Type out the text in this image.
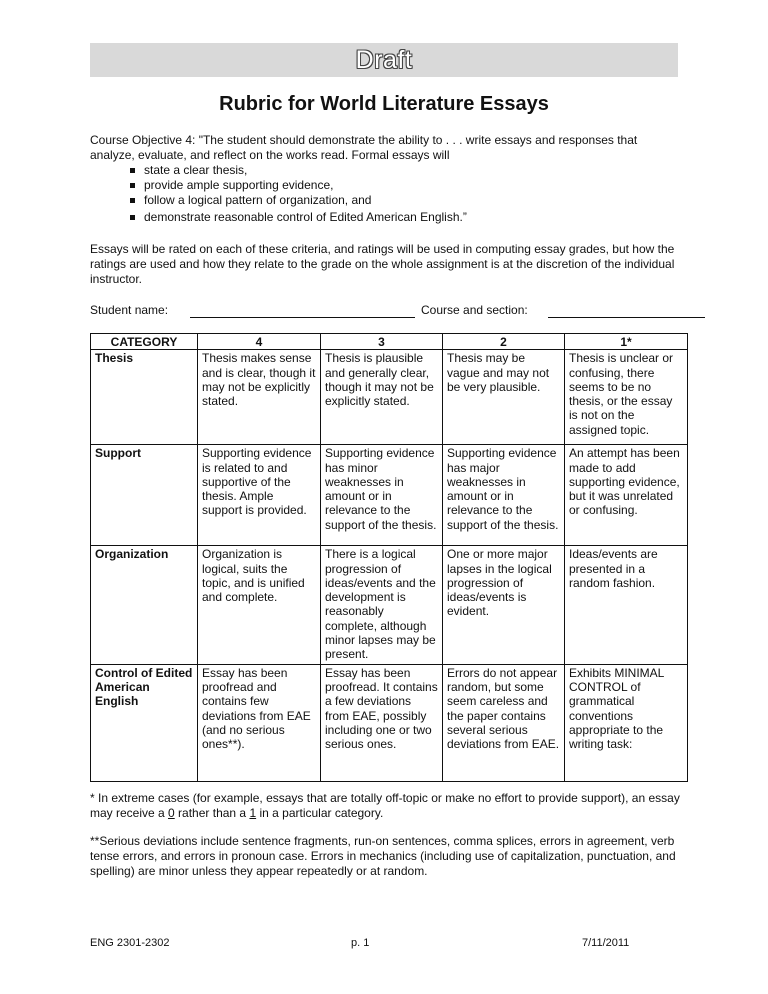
Draft
Rubric for World Literature Essays

Course Objective 4: "The student should demonstrate the ability to . . . write essays and responses that analyze, evaluate, and reflect on the works read. Formal essays will

state a clear thesis,
provide ample supporting evidence,
follow a logical pattern of organization, and
demonstrate reasonable control of Edited American English.”

Essays will be rated on each of these criteria, and ratings will be used in computing essay grades, but how the ratings are used and how they relate to the grade on the whole assignment is at the discretion of the individual instructor.

Student name:	Course and section:
CATEGORY	4	3	2	1*
Thesis	Thesis makes sense and is clear, though it may not be explicitly stated.	Thesis is plausible and generally clear, though it may not be explicitly stated.	Thesis may be vague and may not be very plausible.	Thesis is unclear or confusing, there seems to be no thesis, or the essay is not on the assigned topic.
Support	Supporting evidence is related to and supportive of the thesis. Ample support is provided.	Supporting evidence has minor weaknesses in amount or in relevance to the support of the thesis.	Supporting evidence has major weaknesses in amount or in relevance to the support of the thesis.	An attempt has been made to add supporting evidence, but it was unrelated or confusing.
Organization	Organization is logical, suits the topic, and is unified and complete.	There is a logical progression of ideas/events and the development is reasonably complete, although minor lapses may be present.	One or more major lapses in the logical progression of ideas/events is evident.	Ideas/events are presented in a random fashion.
Control of Edited American English	Essay has been proofread and contains few deviations from EAE (and no serious ones**).	Essay has been proofread. It contains a few deviations from EAE, possibly including one or two serious ones.	Errors do not appear random, but some seem careless and the paper contains several serious deviations from EAE.	Exhibits MINIMAL CONTROL of grammatical conventions appropriate to the writing task:

* In extreme cases (for example, essays that are totally off-topic or make no effort to provide support), an essay may receive a 0 rather than a 1 in a particular category.

**Serious deviations include sentence fragments, run-on sentences, comma splices, errors in agreement, verb tense errors, and errors in pronoun case. Errors in mechanics (including use of capitalization, punctuation, and spelling) are minor unless they appear repeatedly or at random.

ENG 2301-2302	p. 1	7/11/2011
